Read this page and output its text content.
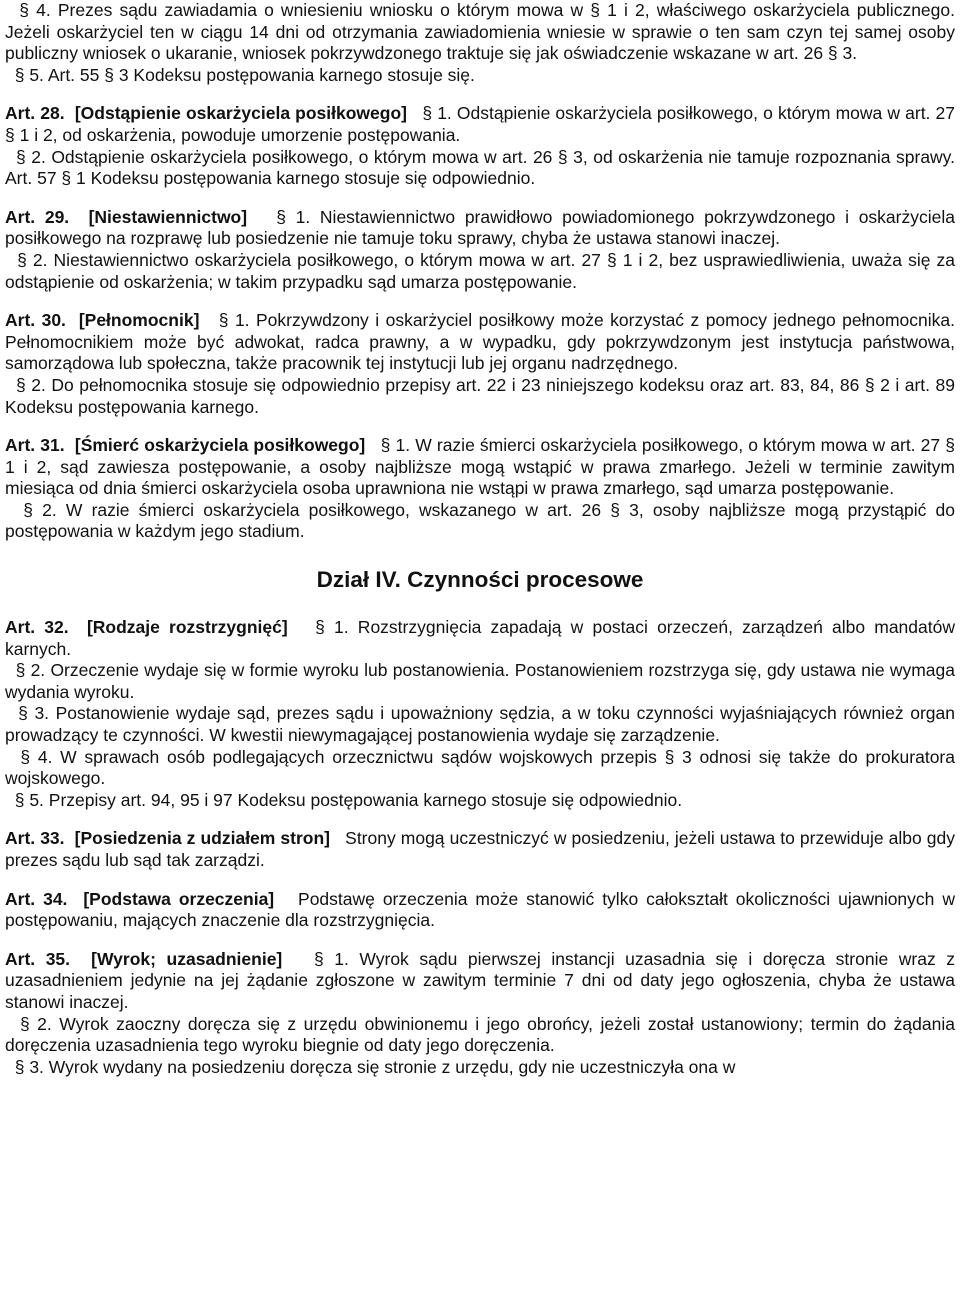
§ 4. Prezes sądu zawiadamia o wniesieniu wniosku o którym mowa w § 1 i 2, właściwego oskarżyciela publicznego. Jeżeli oskarżyciel ten w ciągu 14 dni od otrzymania zawiadomienia wniesie w sprawie o ten sam czyn tej samej osoby publiczny wniosek o ukaranie, wniosek pokrzywdzonego traktuje się jak oświadczenie wskazane w art. 26 § 3.

§ 5. Art. 55 § 3 Kodeksu postępowania karnego stosuje się.

Art. 28. [Odstąpienie oskarżyciela posiłkowego] § 1. Odstąpienie oskarżyciela posiłkowego, o którym mowa w art. 27 § 1 i 2, od oskarżenia, powoduje umorzenie postępowania.

§ 2. Odstąpienie oskarżyciela posiłkowego, o którym mowa w art. 26 § 3, od oskarżenia nie tamuje rozpoznania sprawy. Art. 57 § 1 Kodeksu postępowania karnego stosuje się odpowiednio.

Art. 29. [Niestawiennictwo] § 1. Niestawiennictwo prawidłowo powiadomionego pokrzywdzonego i oskarżyciela posiłkowego na rozprawę lub posiedzenie nie tamuje toku sprawy, chyba że ustawa stanowi inaczej.

§ 2. Niestawiennictwo oskarżyciela posiłkowego, o którym mowa w art. 27 § 1 i 2, bez usprawiedliwienia, uważa się za odstąpienie od oskarżenia; w takim przypadku sąd umarza postępowanie.

Art. 30. [Pełnomocnik] § 1. Pokrzywdzony i oskarżyciel posiłkowy może korzystać z pomocy jednego pełnomocnika. Pełnomocnikiem może być adwokat, radca prawny, a w wypadku, gdy pokrzywdzonym jest instytucja państwowa, samorządowa lub społeczna, także pracownik tej instytucji lub jej organu nadrzędnego.

§ 2. Do pełnomocnika stosuje się odpowiednio przepisy art. 22 i 23 niniejszego kodeksu oraz art. 83, 84, 86 § 2 i art. 89 Kodeksu postępowania karnego.

Art. 31. [Śmierć oskarżyciela posiłkowego] § 1. W razie śmierci oskarżyciela posiłkowego, o którym mowa w art. 27 § 1 i 2, sąd zawiesza postępowanie, a osoby najbliższe mogą wstąpić w prawa zmarłego. Jeżeli w terminie zawitym miesiąca od dnia śmierci oskarżyciela osoba uprawniona nie wstąpi w prawa zmarłego, sąd umarza postępowanie.

§ 2. W razie śmierci oskarżyciela posiłkowego, wskazanego w art. 26 § 3, osoby najbliższe mogą przystąpić do postępowania w każdym jego stadium.

Dział IV. Czynności procesowe

Art. 32. [Rodzaje rozstrzygnięć] § 1. Rozstrzygnięcia zapadają w postaci orzeczeń, zarządzeń albo mandatów karnych.

§ 2. Orzeczenie wydaje się w formie wyroku lub postanowienia. Postanowieniem rozstrzyga się, gdy ustawa nie wymaga wydania wyroku.

§ 3. Postanowienie wydaje sąd, prezes sądu i upoważniony sędzia, a w toku czynności wyjaśniających również organ prowadzący te czynności. W kwestii niewymagającej postanowienia wydaje się zarządzenie.

§ 4. W sprawach osób podlegających orzecznictwu sądów wojskowych przepis § 3 odnosi się także do prokuratora wojskowego.

§ 5. Przepisy art. 94, 95 i 97 Kodeksu postępowania karnego stosuje się odpowiednio.

Art. 33. [Posiedzenia z udziałem stron] Strony mogą uczestniczyć w posiedzeniu, jeżeli ustawa to przewiduje albo gdy prezes sądu lub sąd tak zarządzi.

Art. 34. [Podstawa orzeczenia] Podstawę orzeczenia może stanowić tylko całokształt okoliczności ujawnionych w postępowaniu, mających znaczenie dla rozstrzygnięcia.

Art. 35. [Wyrok; uzasadnienie] § 1. Wyrok sądu pierwszej instancji uzasadnia się i doręcza stronie wraz z uzasadnieniem jedynie na jej żądanie zgłoszone w zawitym terminie 7 dni od daty jego ogłoszenia, chyba że ustawa stanowi inaczej.

§ 2. Wyrok zaoczny doręcza się z urzędu obwinionemu i jego obrońcy, jeżeli został ustanowiony; termin do żądania doręczenia uzasadnienia tego wyroku biegnie od daty jego doręczenia.

§ 3. Wyrok wydany na posiedzeniu doręcza się stronie z urzędu, gdy nie uczestniczyła ona w
